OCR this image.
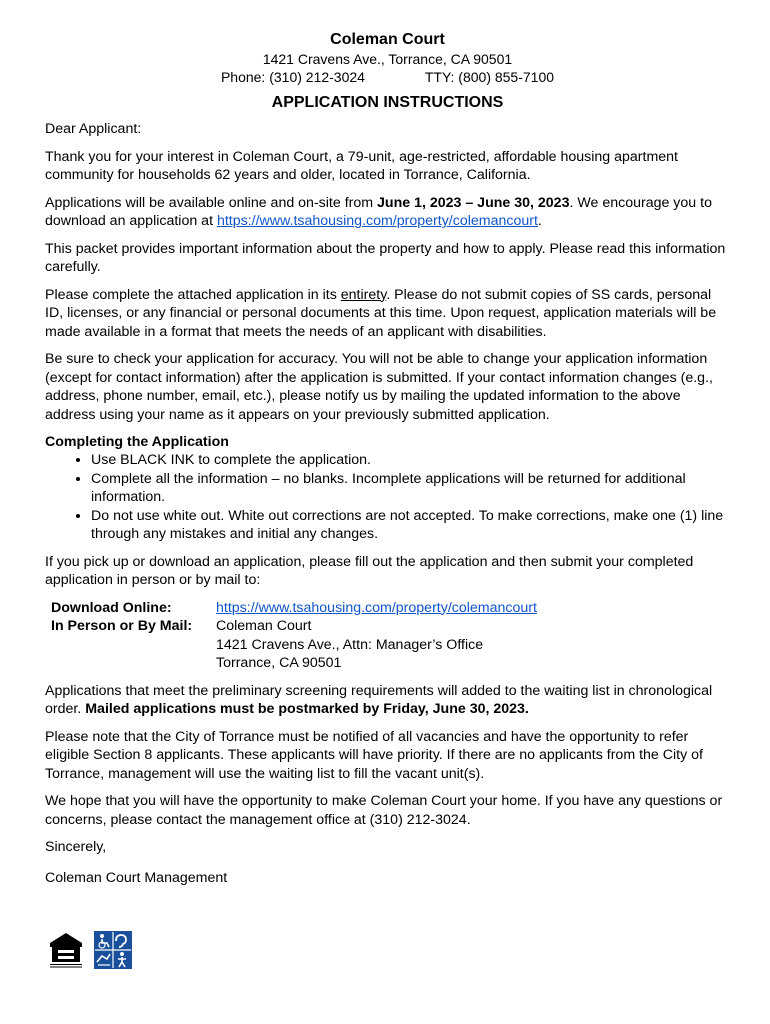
Coleman Court
1421 Cravens Ave., Torrance, CA 90501
Phone: (310) 212-3024	TTY: (800) 855-7100
APPLICATION INSTRUCTIONS

Dear Applicant:

Thank you for your interest in Coleman Court, a 79-unit, age-restricted, affordable housing apartment community for households 62 years and older, located in Torrance, California.

Applications will be available online and on-site from June 1, 2023 – June 30, 2023. We encourage you to download an application at https://www.tsahousing.com/property/colemancourt.

This packet provides important information about the property and how to apply. Please read this information carefully.

Please complete the attached application in its entirety. Please do not submit copies of SS cards, personal ID, licenses, or any financial or personal documents at this time. Upon request, application materials will be made available in a format that meets the needs of an applicant with disabilities.

Be sure to check your application for accuracy. You will not be able to change your application information (except for contact information) after the application is submitted. If your contact information changes (e.g., address, phone number, email, etc.), please notify us by mailing the updated information to the above address using your name as it appears on your previously submitted application.

Completing the Application
• Use BLACK INK to complete the application.
• Complete all the information – no blanks. Incomplete applications will be returned for additional information.
• Do not use white out. White out corrections are not accepted. To make corrections, make one (1) line through any mistakes and initial any changes.

If you pick up or download an application, please fill out the application and then submit your completed application in person or by mail to:

Download Online:	https://www.tsahousing.com/property/colemancourt
In Person or By Mail:	Coleman Court
1421 Cravens Ave., Attn: Manager’s Office
Torrance, CA 90501

Applications that meet the preliminary screening requirements will added to the waiting list in chronological order. Mailed applications must be postmarked by Friday, June 30, 2023.

Please note that the City of Torrance must be notified of all vacancies and have the opportunity to refer eligible Section 8 applicants. These applicants will have priority. If there are no applicants from the City of Torrance, management will use the waiting list to fill the vacant unit(s).

We hope that you will have the opportunity to make Coleman Court your home. If you have any questions or concerns, please contact the management office at (310) 212-3024.

Sincerely,

Coleman Court Management
